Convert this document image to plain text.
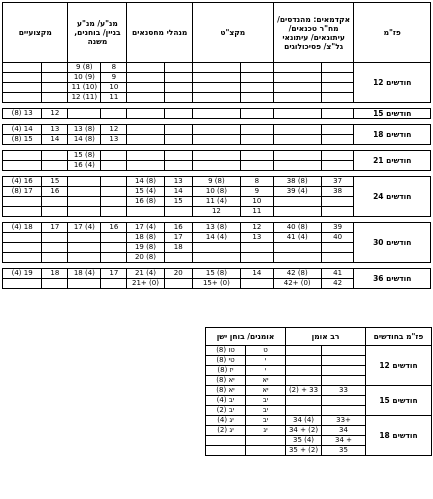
מקצועיים		מנ"ע/ מנ"ע בניין/ בוחנים, משנה		מנהלי מחסנאים		מקצ"ט		אקדמאים: מהנדסים/ מח"ר טכנאים/ עיתונאים/ עיתונאי גל"צ/ פסיכולוגים		פז"מ
		9 (8)	8							12 חודשים
		10 (9)	9							
		11 (10)	10							
		12 (11)	11							

(8) 13	12									15 חודשים

(4) 14	13	13 (8)	12							18 חודשים
(8) 15	14	14 (8)	13							

		15 (8)								21 חודשים
		16 (4)								

(4) 16	15			14 (8)	13	9 (8)	8	38 (8)	37	24 חודשים
(8) 17	16			15 (4)	14	10 (8)	9	39 (4)	38	
				16 (8)	15	11 (4)	10			
						12	11			

(4) 18	17	17 (4)	16	17 (4)	16	13 (8)	12	40 (8)	39	30 חודשים
				18 (8)	17	14 (4)	13	41 (4)	40	
				19 (8)	18					
				20 (8)						

(4) 19	18	18 (4)	17	21 (4)	20	15 (8)	14	42 (8)	41	36 חודשים
				21+ (0)		15+ (0)		42+ (0)	42	
אומנים/ בוחן ישן		רב אומן		פז"מ בחודשים
(8) טו	ט			12 חודשים
(8) טי	י			
(8) יז	י			
(8) יא	יא			
יא (8)	יא	(2) + 33	33	15 חודשים
יב (4)	יב			
(2) יב	יב			
יג (4)	יב	34 (4)	33+	18 חודשים
יג (2)	יג	34 + (2)	34	
		35 (4)	34 +	
		35 + (2)	35	
